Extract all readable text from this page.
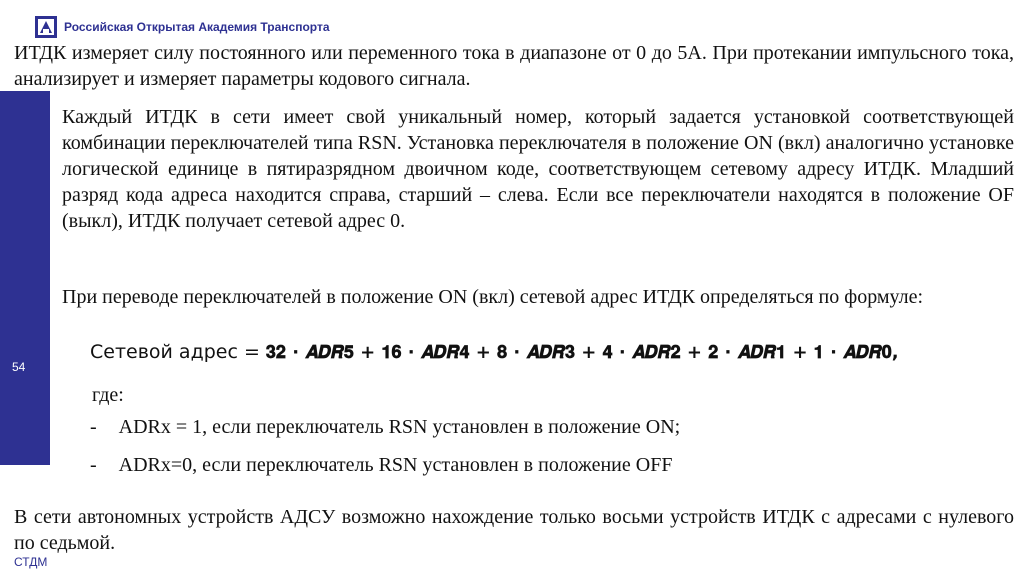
Российская Открытая Академия Транспорта

ИТДК измеряет силу постоянного или переменного тока в диапазоне от 0 до 5А. При протекании импульсного тока, анализирует и измеряет параметры кодового сигнала.

54

Каждый ИТДК в сети имеет свой уникальный номер, который задается установкой соответствующей комбинации переключателей типа RSN. Установка переключателя в положение ON (вкл) аналогично установке логической единице в пятиразрядном двоичном коде, соответствующем сетевому адресу ИТДК. Младший разряд кода адреса находится справа, старший – слева. Если все переключатели находятся в положение OF (выкл), ИТДК получает сетевой адрес 0.

При переводе переключателей в положение ON (вкл) сетевой адрес ИТДК определяться по формуле:

Сетевой адрес = 𝟑𝟐 · 𝑨𝑫𝑹𝟓 + 𝟏𝟔 · 𝑨𝑫𝑹𝟒 + 𝟖 · 𝑨𝑫𝑹𝟑 + 𝟒 · 𝑨𝑫𝑹𝟐 + 𝟐 · 𝑨𝑫𝑹𝟏 + 𝟏 · 𝑨𝑫𝑹𝟎,
где:
- ADRx = 1, если переключатель RSN установлен в положение ON;
- ADRx=0, если переключатель RSN установлен в положение OFF

В сети автономных устройств АДСУ возможно нахождение только восьми устройств ИТДК с адресами с нулевого по седьмой.

СТДМ
